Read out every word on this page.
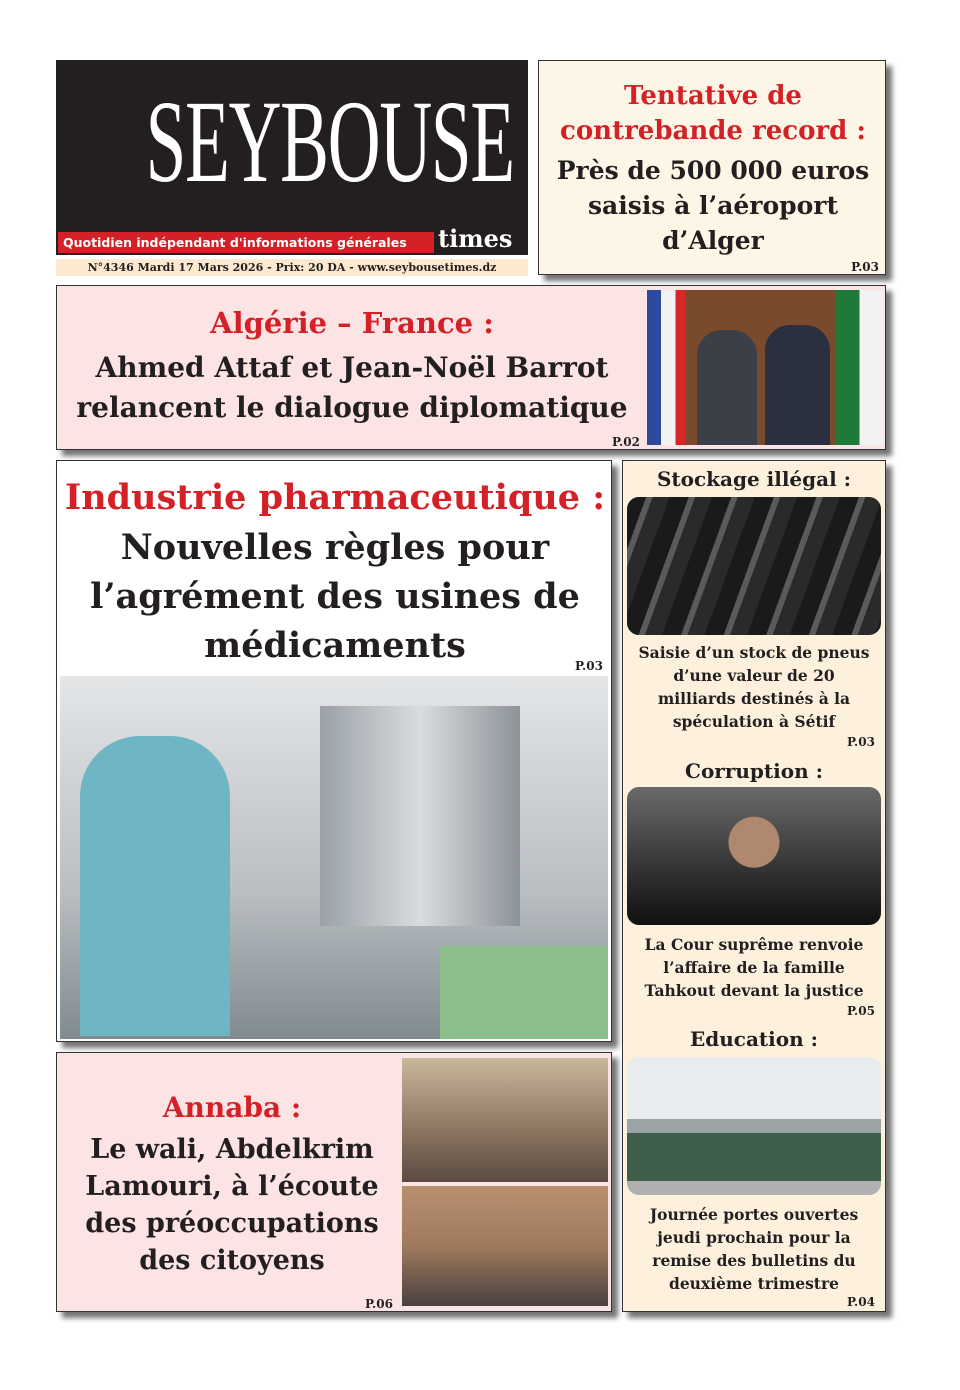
SEYBOUSE
Quotidien indépendant d'informations générales	times
N°4346 Mardi 17 Mars 2026 - Prix: 20 DA - www.seybousetimes.dz
Tentative de contrebande record :
Près de 500 000 euros saisis à l’aéroport d’Alger
P.03
Algérie – France :
Ahmed Attaf et Jean-Noël Barrot relancent le dialogue diplomatique
P.02
Industrie pharmaceutique :
Nouvelles règles pour l’agrément des usines de médicaments	P.03
Annaba :
Le wali, Abdelkrim Lamouri, à l’écoute des préoccupations des citoyens
P.06
Stockage illégal :
Saisie d’un stock de pneus d’une valeur de 20 milliards destinés à la spéculation à Sétif
P.03
Corruption :
La Cour suprême renvoie l’affaire de la famille Tahkout devant la justice
P.05
Education :
Journée portes ouvertes jeudi prochain pour la remise des bulletins du deuxième trimestre
P.04
